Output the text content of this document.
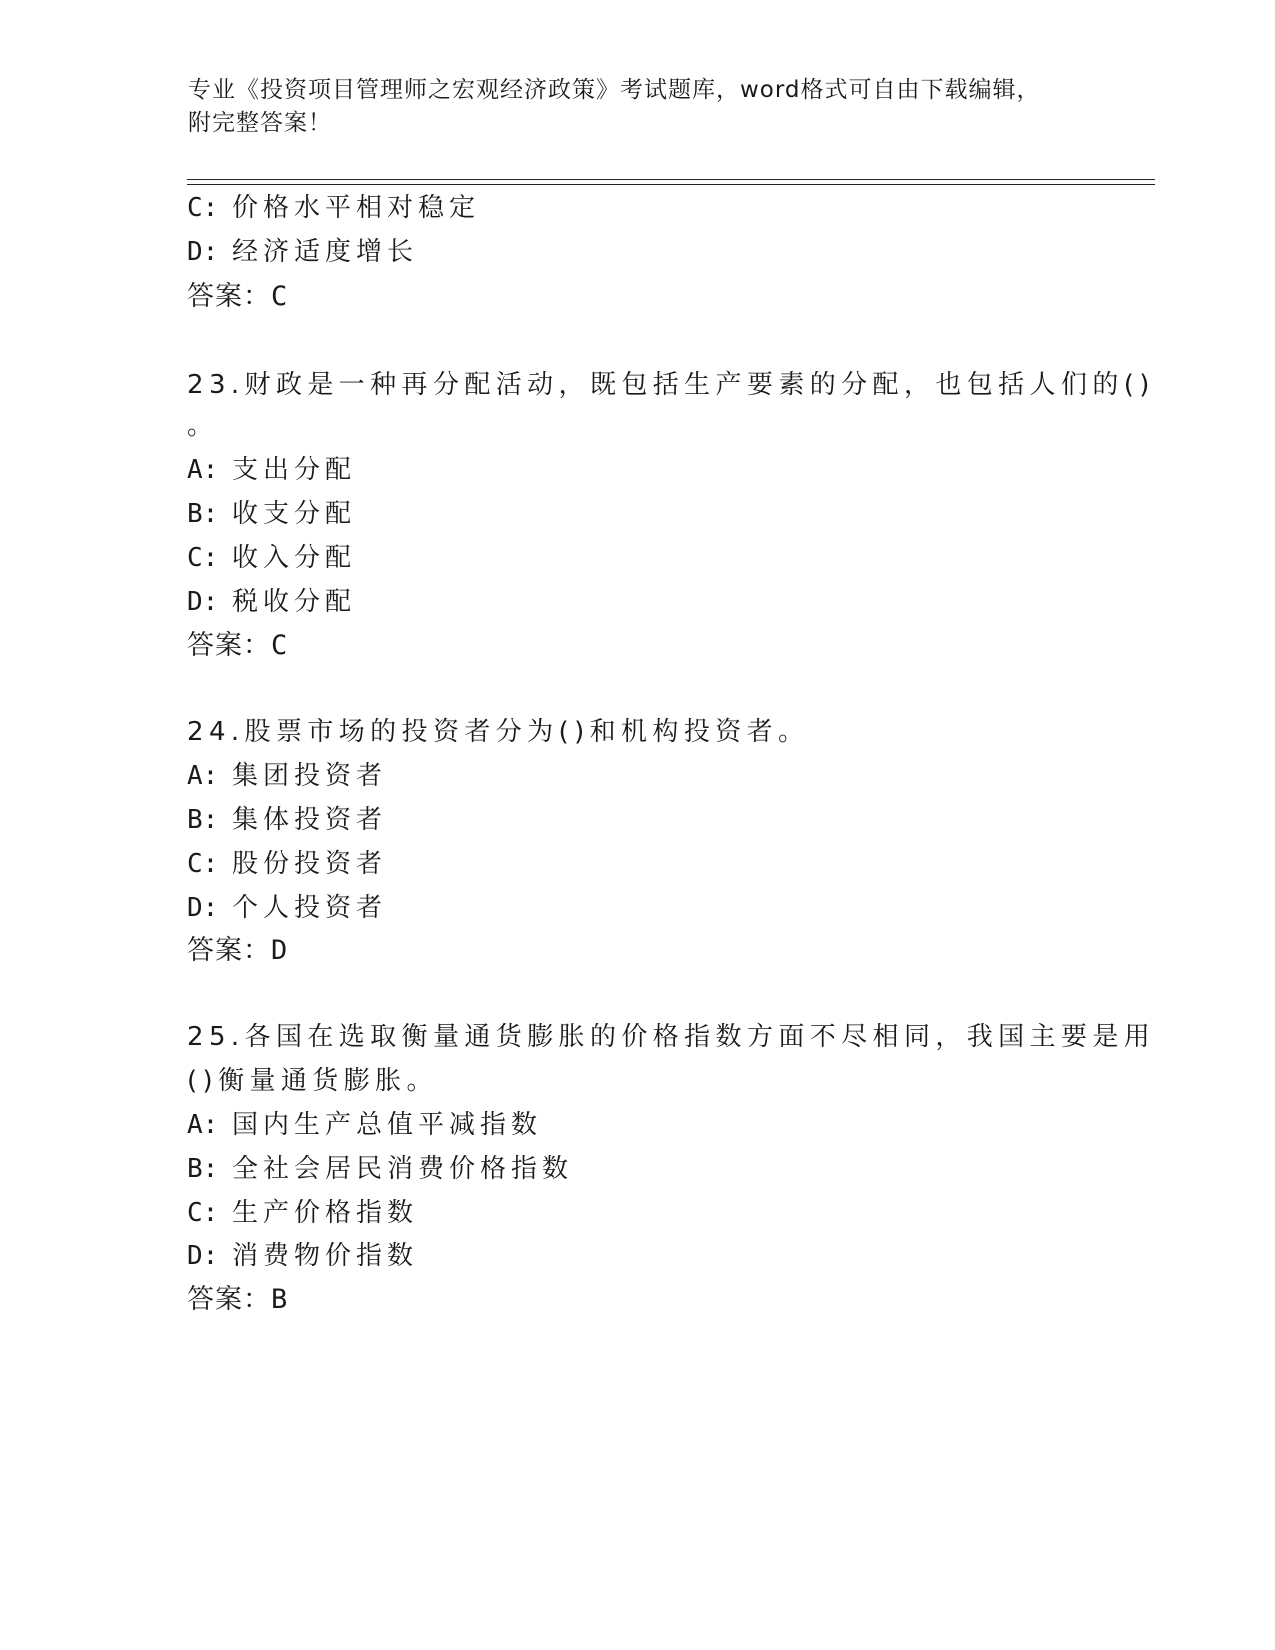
专业《投资项目管理师之宏观经济政策》考试题库，word格式可自由下载编辑，
附完整答案！
C: 价格水平相对稳定
D: 经济适度增长
答案：C
23.财政是一种再分配活动，既包括生产要素的分配，也包括人们的()
。
A: 支出分配
B: 收支分配
C: 收入分配
D: 税收分配
答案：C
24.股票市场的投资者分为()和机构投资者。
A: 集团投资者
B: 集体投资者
C: 股份投资者
D: 个人投资者
答案：D
25.各国在选取衡量通货膨胀的价格指数方面不尽相同，我国主要是用
()衡量通货膨胀。
A: 国内生产总值平减指数
B: 全社会居民消费价格指数
C: 生产价格指数
D: 消费物价指数
答案：B
